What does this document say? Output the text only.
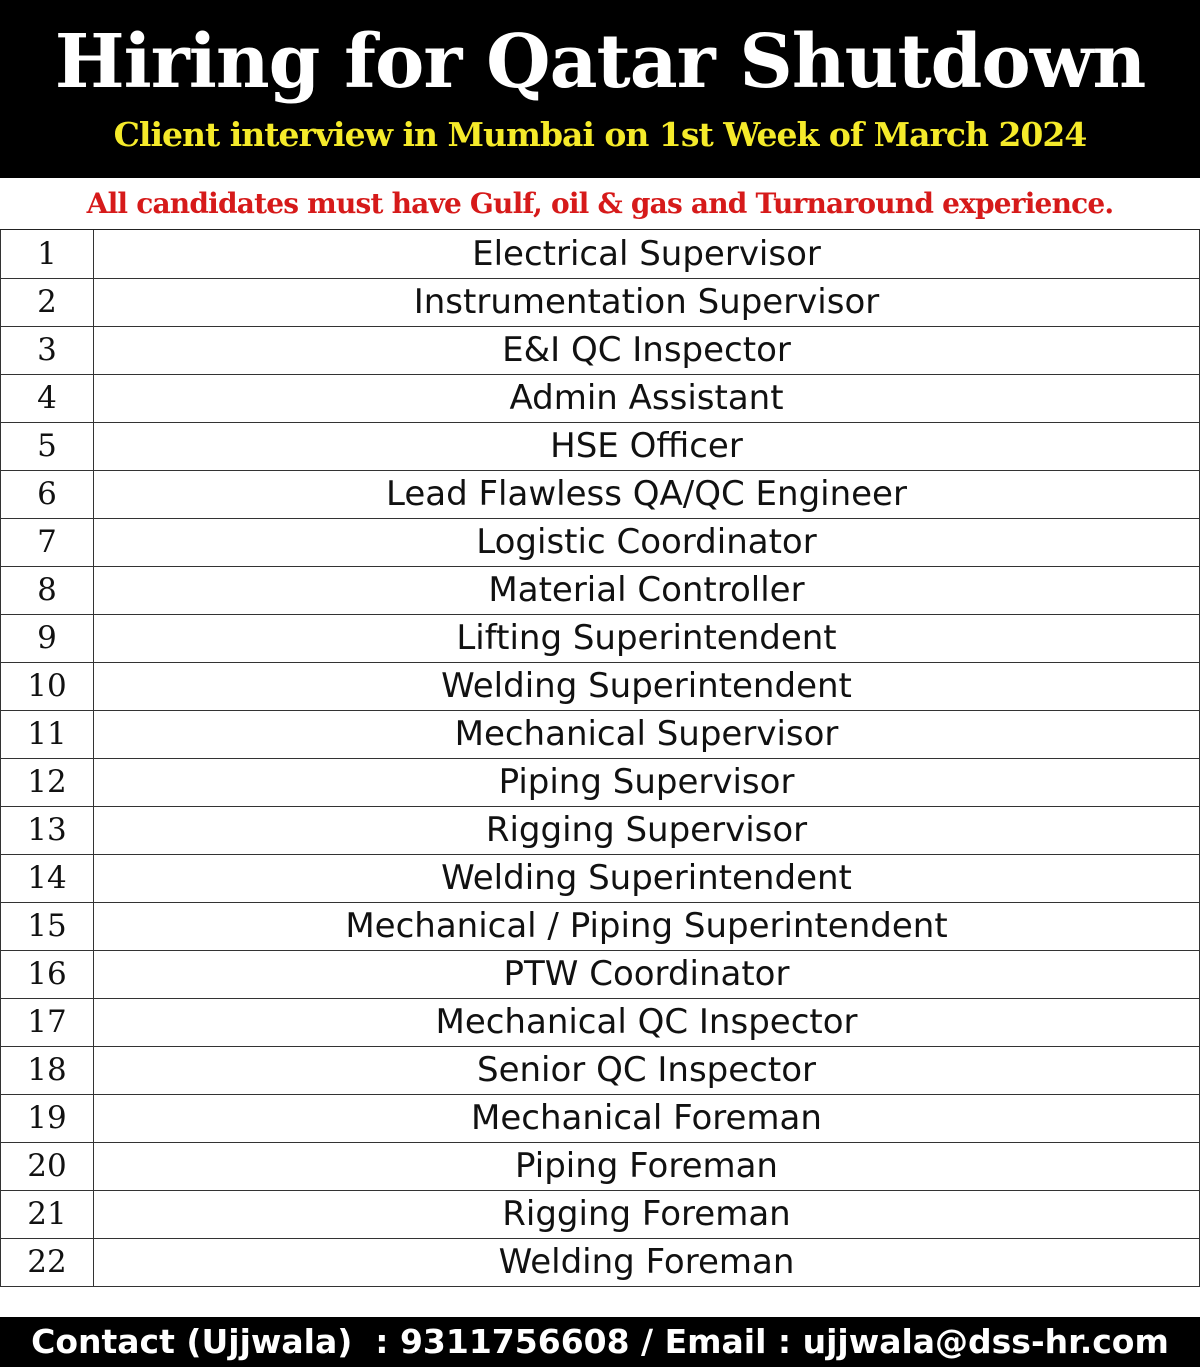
Hiring for Qatar Shutdown

Client interview in Mumbai on 1st Week of March 2024

All candidates must have Gulf, oil & gas and Turnaround experience.
1	Electrical Supervisor
2	Instrumentation Supervisor
3	E&I QC Inspector
4	Admin Assistant
5	HSE Officer
6	Lead Flawless QA/QC Engineer
7	Logistic Coordinator
8	Material Controller
9	Lifting Superintendent
10	Welding Superintendent
11	Mechanical Supervisor
12	Piping Supervisor
13	Rigging Supervisor
14	Welding Superintendent
15	Mechanical / Piping Superintendent
16	PTW Coordinator
17	Mechanical QC Inspector
18	Senior QC Inspector
19	Mechanical Foreman
20	Piping Foreman
21	Rigging Foreman
22	Welding Foreman
Contact (Ujjwala)  : 9311756608 / Email : ujjwala@dss-hr.com
